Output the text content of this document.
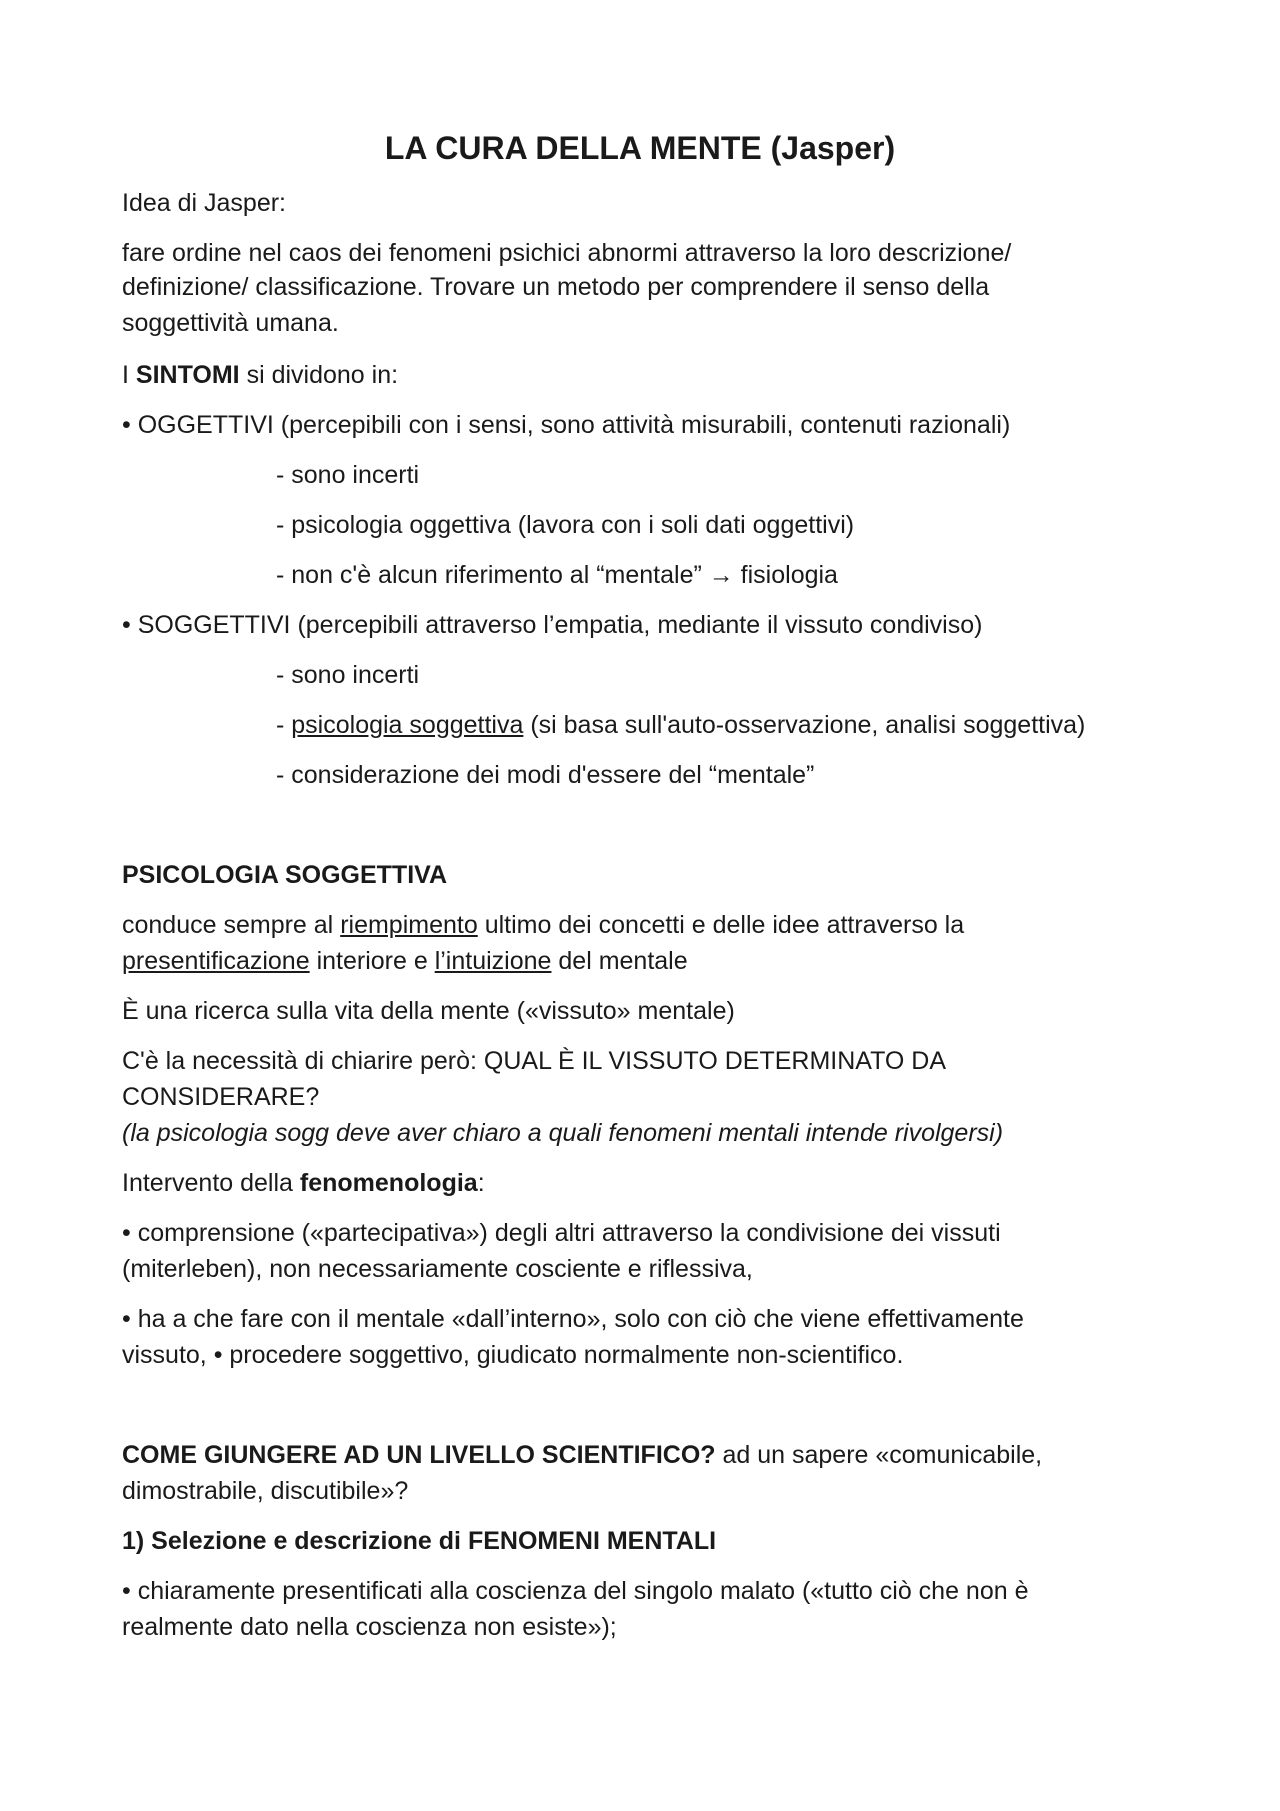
LA CURA DELLA MENTE (Jasper)

Idea di Jasper:

fare ordine nel caos dei fenomeni psichici abnormi attraverso la loro descrizione/

definizione/ classificazione. Trovare un metodo per comprendere il senso della

soggettività umana.

I SINTOMI si dividono in:

• OGGETTIVI (percepibili con i sensi, sono attività misurabili, contenuti razionali)

- sono incerti

- psicologia oggettiva (lavora con i soli dati oggettivi)

- non c'è alcun riferimento al “mentale” → fisiologia

• SOGGETTIVI (percepibili attraverso l’empatia, mediante il vissuto condiviso)

- sono incerti

- psicologia soggettiva (si basa sull'auto-osservazione, analisi soggettiva)

- considerazione dei modi d'essere del “mentale”

PSICOLOGIA SOGGETTIVA

conduce sempre al riempimento ultimo dei concetti e delle idee attraverso la

presentificazione interiore e l’intuizione del mentale

È una ricerca sulla vita della mente («vissuto» mentale)

C'è la necessità di chiarire però: QUAL È IL VISSUTO DETERMINATO DA

CONSIDERARE?

(la psicologia sogg deve aver chiaro a quali fenomeni mentali intende rivolgersi)

Intervento della fenomenologia:

• comprensione («partecipativa») degli altri attraverso la condivisione dei vissuti

(miterleben), non necessariamente cosciente e riflessiva,

• ha a che fare con il mentale «dall’interno», solo con ciò che viene effettivamente

vissuto, • procedere soggettivo, giudicato normalmente non-scientifico.

COME GIUNGERE AD UN LIVELLO SCIENTIFICO? ad un sapere «comunicabile,

dimostrabile, discutibile»?

1) Selezione e descrizione di FENOMENI MENTALI

• chiaramente presentificati alla coscienza del singolo malato («tutto ciò che non è

realmente dato nella coscienza non esiste»);
